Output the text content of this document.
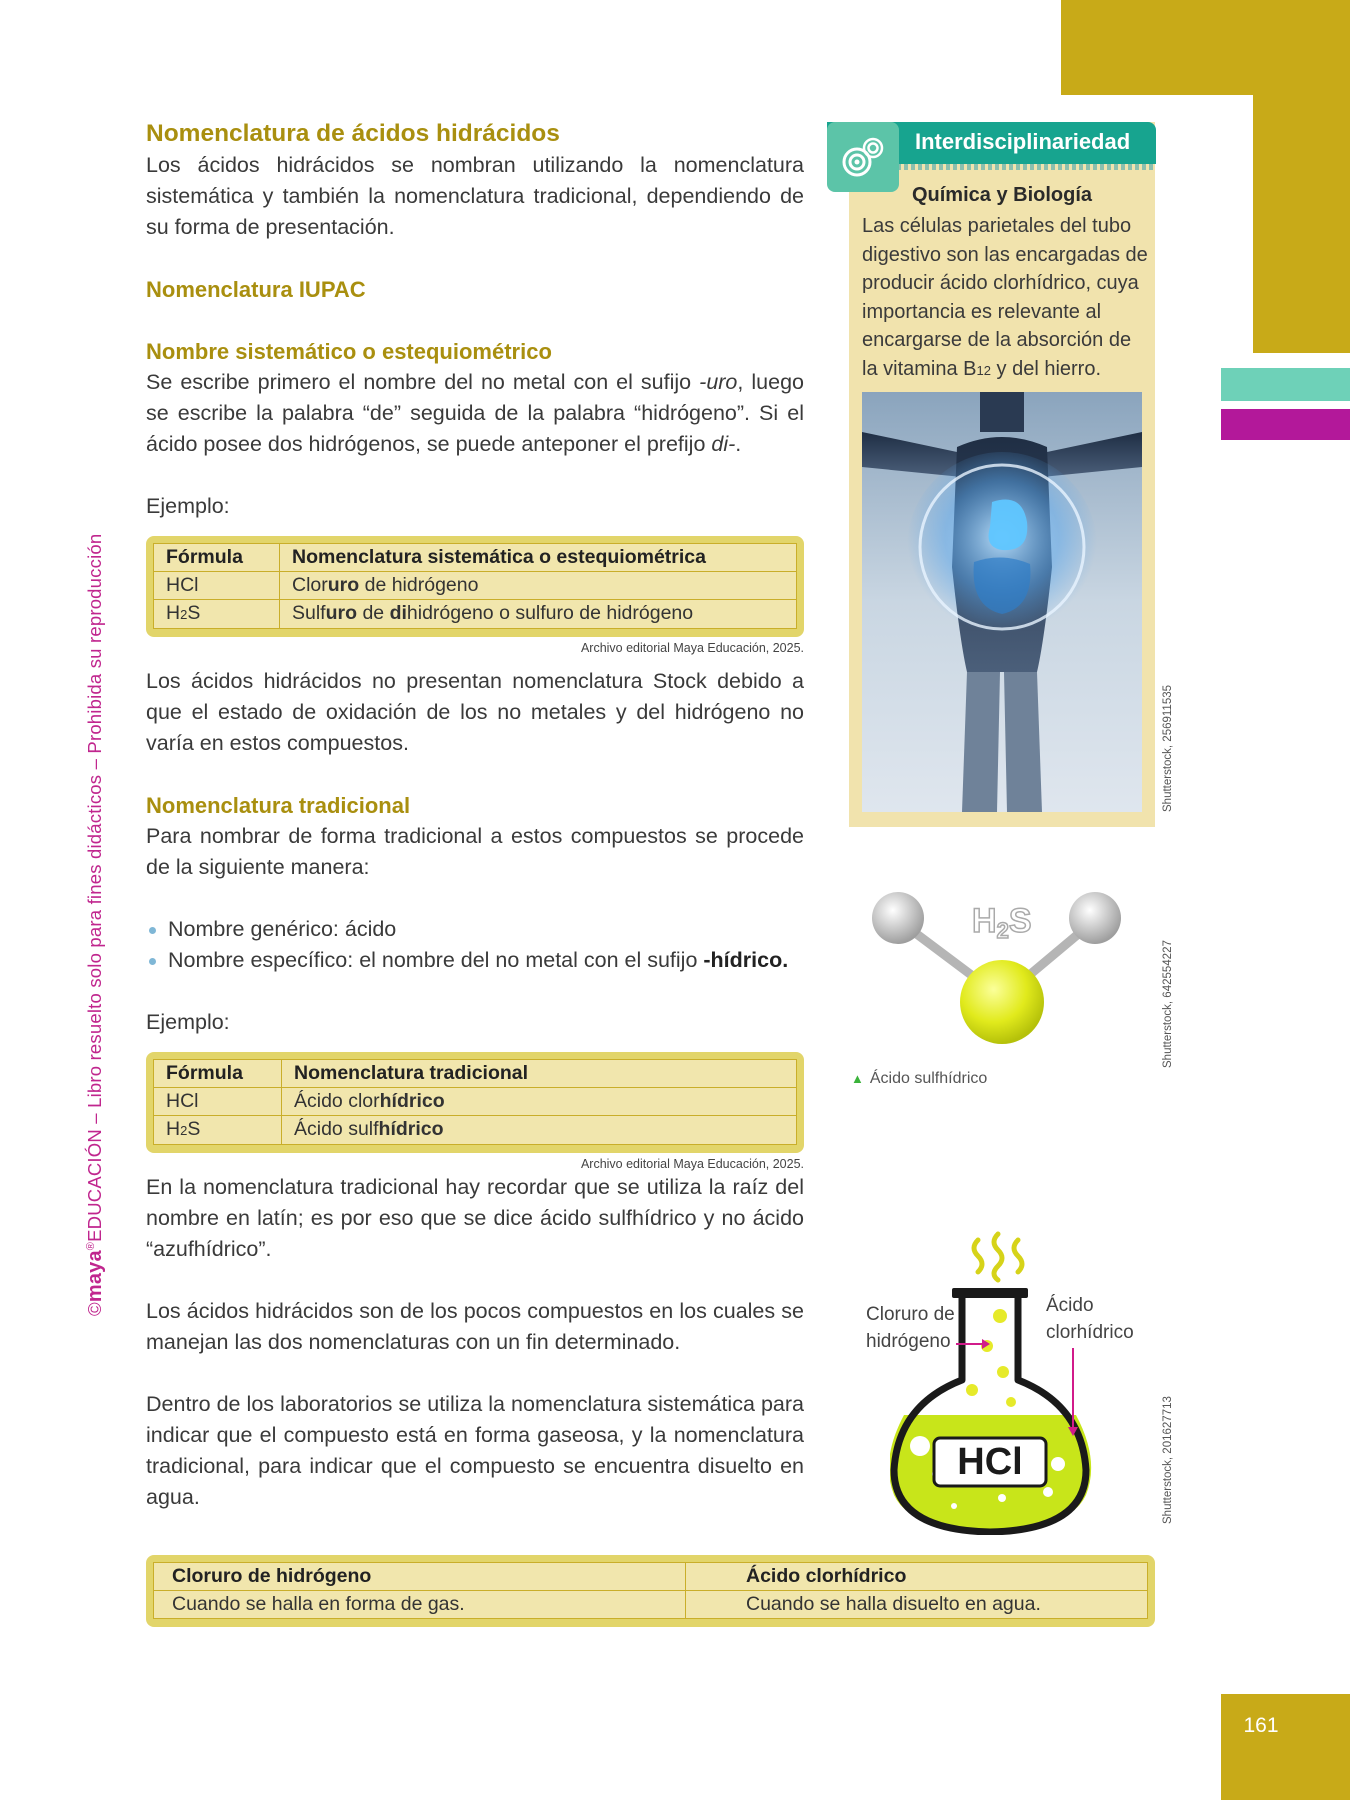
161
©maya®EDUCACIÓN – Libro resuelto solo para fines didácticos – Prohibida su reproducción
Nomenclatura de ácidos hidrácidos
Los ácidos hidrácidos se nombran utilizando la nomenclatura sistemática y también la nomenclatura tradicional, dependiendo de su forma de presentación.
Nomenclatura IUPAC
Nombre sistemático o estequiométrico
Se escribe primero el nombre del no metal con el sufijo -uro, luego se escribe la palabra “de” seguida de la palabra “hidrógeno”. Si el ácido posee dos hidrógenos, se puede anteponer el prefijo di-.
Ejemplo:
Fórmula	Nomenclatura sistemática o estequiométrica
HCl	Cloruro de hidrógeno
H2S	Sulfuro de dihidrógeno o sulfuro de hidrógeno
Archivo editorial Maya Educación, 2025.
Los ácidos hidrácidos no presentan nomenclatura Stock debido a que el estado de oxidación de los no metales y del hidrógeno no varía en estos compuestos.
Nomenclatura tradicional
Para nombrar de forma tradicional a estos compuestos se procede de la siguiente manera:
Nombre genérico: ácido
Nombre específico: el nombre del no metal con el sufijo -hídrico.
Ejemplo:
Fórmula	Nomenclatura tradicional
HCl	Ácido clorhídrico
H2S	Ácido sulfhídrico
Archivo editorial Maya Educación, 2025.
En la nomenclatura tradicional hay recordar que se utiliza la raíz del nombre en latín; es por eso que se dice ácido sulfhídrico y no ácido “azufhídrico”.
Los ácidos hidrácidos son de los pocos compuestos en los cuales se manejan las dos nomenclaturas con un fin determinado.
Dentro de los laboratorios se utiliza la nomenclatura sistemática para indicar que el compuesto está en forma gaseosa, y la nomenclatura tradicional, para indicar que el compuesto se encuentra disuelto en agua.
Interdisciplinariedad
Química y Biología
Las células parietales del tubo digestivo son las encargadas de producir ácido clorhídrico, cuya importancia es relevante al encargarse de la absorción de la vitamina B12 y del hierro.
Shutterstock, 256911535
H2S
▲ Ácido sulfhídrico
Shutterstock, 642554227
HCl
Cloruro de
hidrógeno
Ácido
clorhídrico
Shutterstock, 201627713
Cloruro de hidrógeno	Ácido clorhídrico
Cuando se halla en forma de gas.	Cuando se halla disuelto en agua.
